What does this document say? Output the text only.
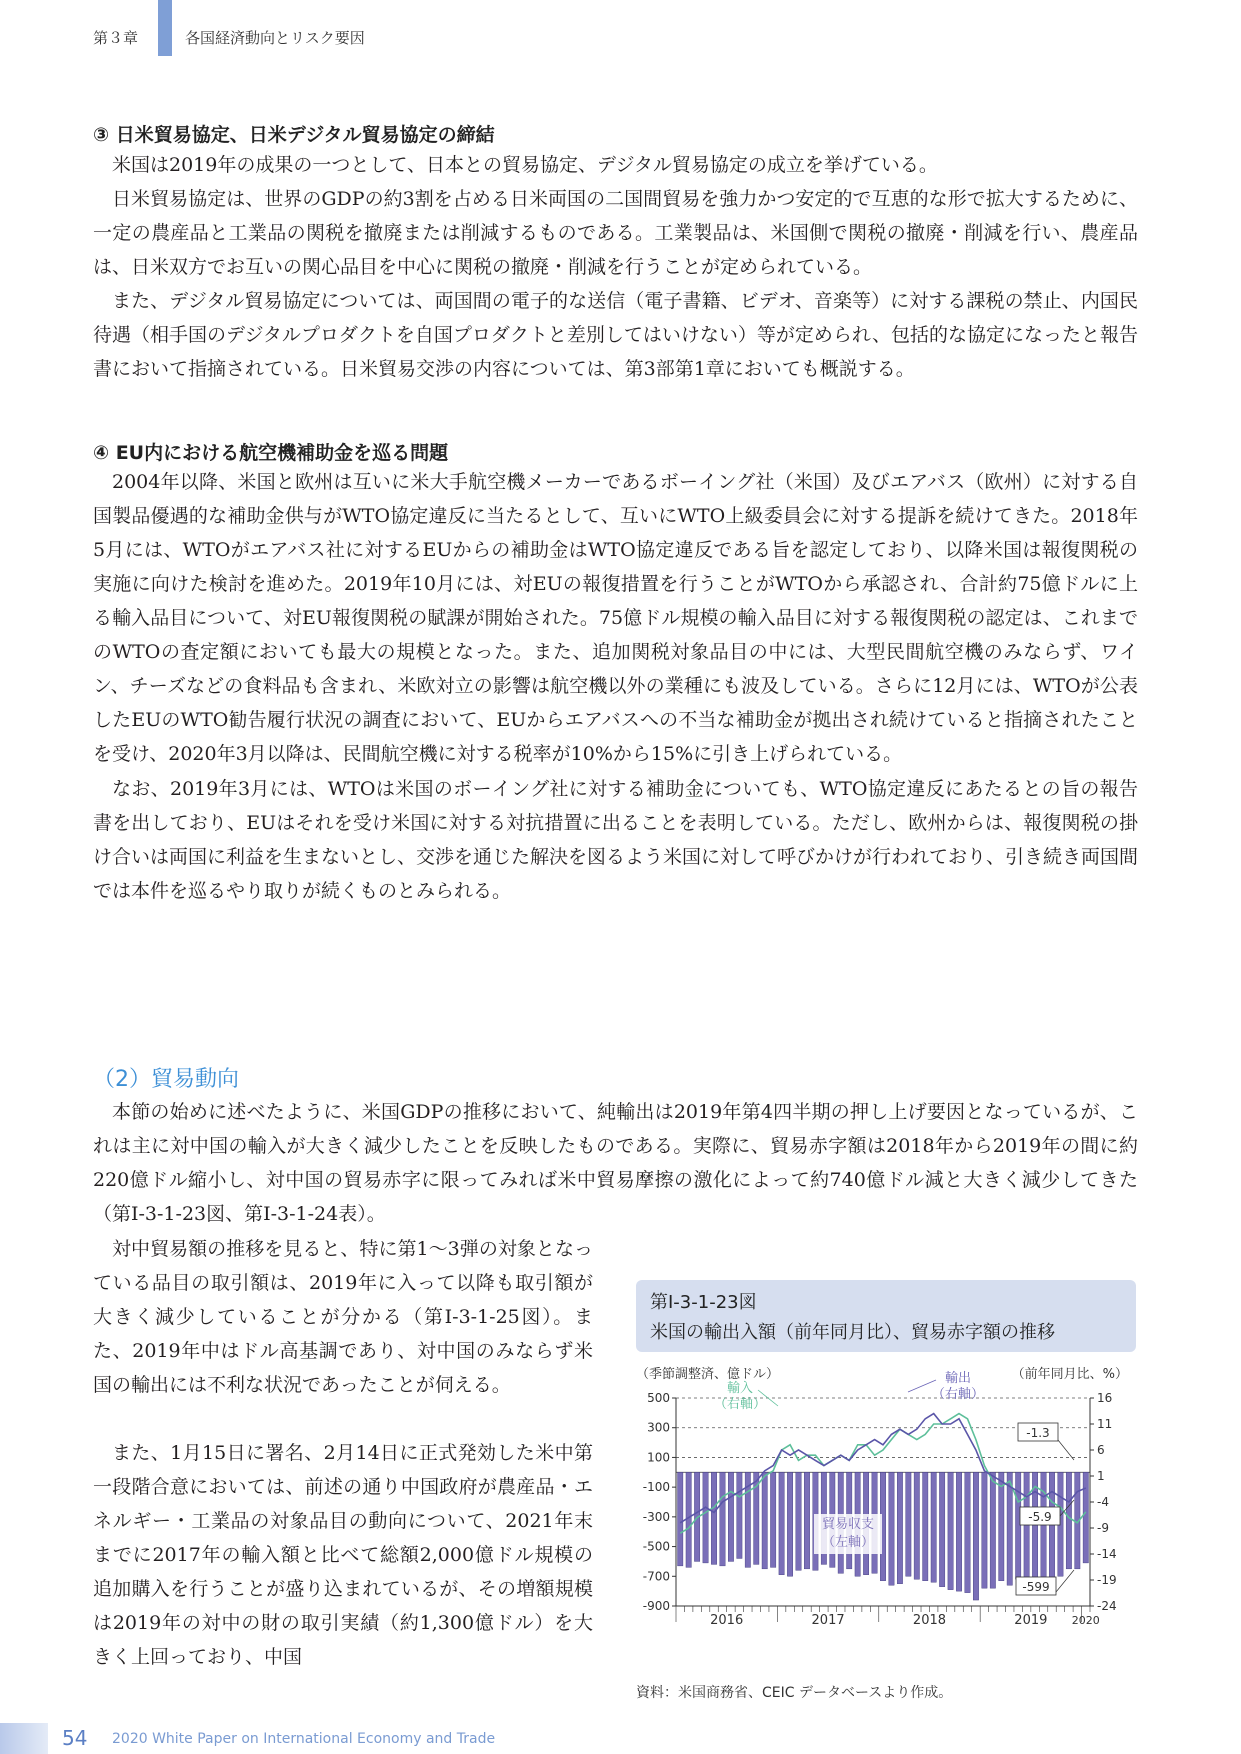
第３章	各国経済動向とリスク要因
③ 日米貿易協定、日米デジタル貿易協定の締結

米国は2019年の成果の一つとして、日本との貿易協定、デジタル貿易協定の成立を挙げている。

日米貿易協定は、世界のGDPの約3割を占める日米両国の二国間貿易を強力かつ安定的で互恵的な形で拡大するために、一定の農産品と工業品の関税を撤廃または削減するものである。工業製品は、米国側で関税の撤廃・削減を行い、農産品は、日米双方でお互いの関心品目を中心に関税の撤廃・削減を行うことが定められている。

また、デジタル貿易協定については、両国間の電子的な送信（電子書籍、ビデオ、音楽等）に対する課税の禁止、内国民待遇（相手国のデジタルプロダクトを自国プロダクトと差別してはいけない）等が定められ、包括的な協定になったと報告書において指摘されている。日米貿易交渉の内容については、第3部第1章においても概説する。

④ EU内における航空機補助金を巡る問題

2004年以降、米国と欧州は互いに米大手航空機メーカーであるボーイング社（米国）及びエアバス（欧州）に対する自国製品優遇的な補助金供与がWTO協定違反に当たるとして、互いにWTO上級委員会に対する提訴を続けてきた。2018年5月には、WTOがエアバス社に対するEUからの補助金はWTO協定違反である旨を認定しており、以降米国は報復関税の実施に向けた検討を進めた。2019年10月には、対EUの報復措置を行うことがWTOから承認され、合計約75億ドルに上る輸入品目について、対EU報復関税の賦課が開始された。75億ドル規模の輸入品目に対する報復関税の認定は、これまでのWTOの査定額においても最大の規模となった。また、追加関税対象品目の中には、大型民間航空機のみならず、ワイン、チーズなどの食料品も含まれ、米欧対立の影響は航空機以外の業種にも波及している。さらに12月には、WTOが公表したEUのWTO勧告履行状況の調査において、EUからエアバスへの不当な補助金が拠出され続けていると指摘されたことを受け、2020年3月以降は、民間航空機に対する税率が10%から15%に引き上げられている。

なお、2019年3月には、WTOは米国のボーイング社に対する補助金についても、WTO協定違反にあたるとの旨の報告書を出しており、EUはそれを受け米国に対する対抗措置に出ることを表明している。ただし、欧州からは、報復関税の掛け合いは両国に利益を生まないとし、交渉を通じた解決を図るよう米国に対して呼びかけが行われており、引き続き両国間では本件を巡るやり取りが続くものとみられる。

（2）貿易動向

本節の始めに述べたように、米国GDPの推移において、純輸出は2019年第4四半期の押し上げ要因となっているが、これは主に対中国の輸入が大きく減少したことを反映したものである。実際に、貿易赤字額は2018年から2019年の間に約220億ドル縮小し、対中国の貿易赤字に限ってみれば米中貿易摩擦の激化によって約740億ドル減と大きく減少してきた（第I-3-1-23図、第I-3-1-24表）。

対中貿易額の推移を見ると、特に第1〜3弾の対象となっている品目の取引額は、2019年に入って以降も取引額が大きく減少していることが分かる（第I-3-1-25図）。また、2019年中はドル高基調であり、対中国のみならず米国の輸出には不利な状況であったことが伺える。

また、1月15日に署名、2月14日に正式発効した米中第一段階合意においては、前述の通り中国政府が農産品・エネルギー・工業品の対象品目の動向について、2021年末までに2017年の輸入額と比べて総額2,000億ドル規模の追加購入を行うことが盛り込まれているが、その増額規模は2019年の対中の財の取引実績（約1,300億ドル）を大きく上回っており、中国

第Ⅰ-3-1-23図
米国の輸出入額（前年同月比）、貿易赤字額の推移
（季節調整済、億ドル）	（前年同月比、%）
500
300
100
-100
-300
-500
-700
-900
16
11
6
1
-4
-9
-14
-19
-24
2016	2017	2018	2019 2020
輸入
（右軸）
輸出
（右軸）
貿易収支
（左軸）
-1.3
-5.9
-599
資料：米国商務省、CEIC データベースより作成。
54 2020 White Paper on International Economy and Trade
